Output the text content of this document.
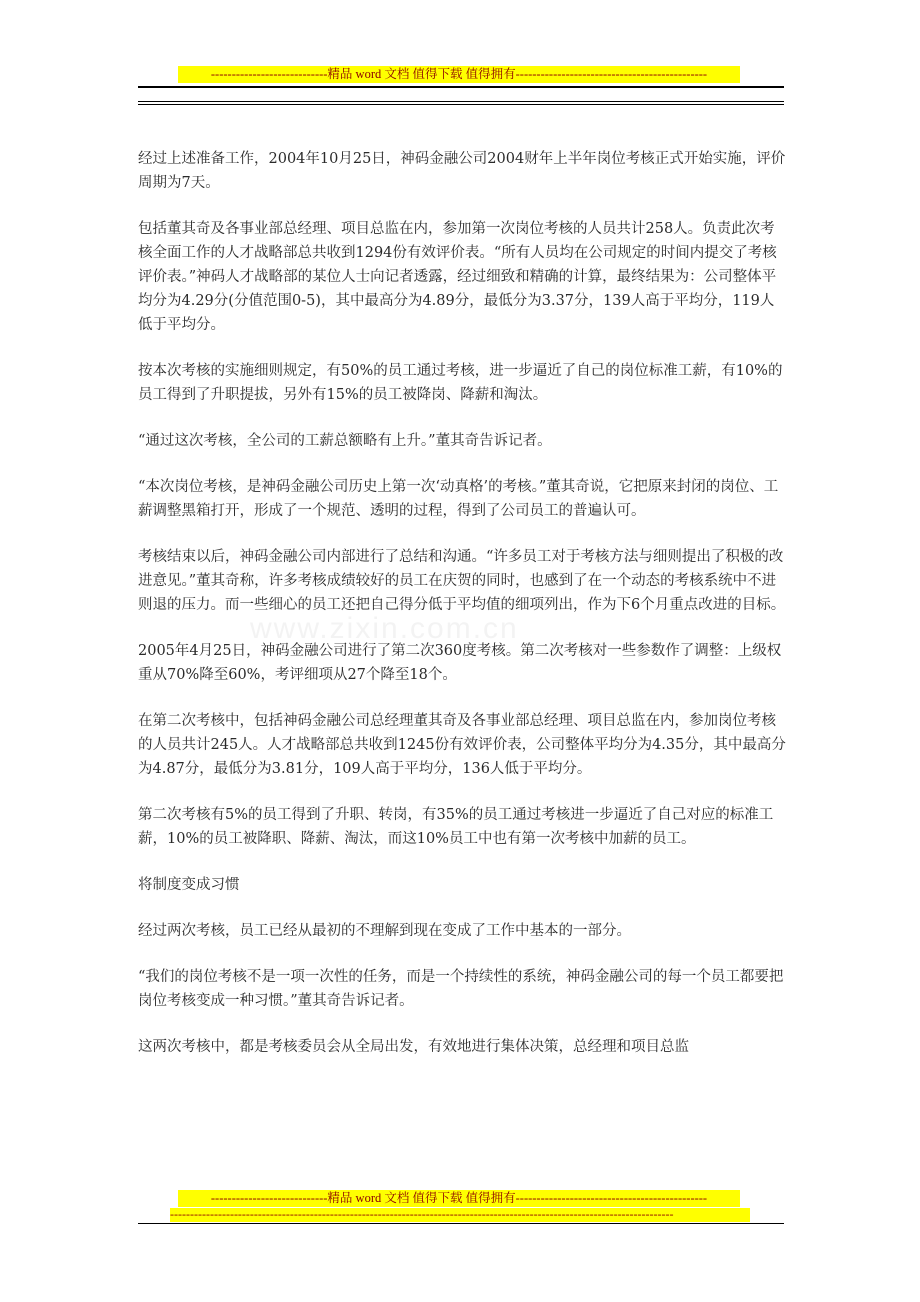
----------------------------精品 word 文档 值得下载 值得拥有----------------------------------------------
www.zixin.com.cn

经过上述准备工作，2004年10月25日，神码金融公司2004财年上半年岗位考核正式开始实施，评价周期为7天。

包括董其奇及各事业部总经理、项目总监在内，参加第一次岗位考核的人员共计258人。负责此次考核全面工作的人才战略部总共收到1294份有效评价表。“所有人员均在公司规定的时间内提交了考核评价表。”神码人才战略部的某位人士向记者透露，经过细致和精确的计算，最终结果为：公司整体平均分为4.29分(分值范围0-5)，其中最高分为4.89分，最低分为3.37分，139人高于平均分，119人低于平均分。

按本次考核的实施细则规定，有50%的员工通过考核，进一步逼近了自己的岗位标准工薪，有10%的员工得到了升职提拔，另外有15%的员工被降岗、降薪和淘汰。

“通过这次考核，全公司的工薪总额略有上升。”董其奇告诉记者。

“本次岗位考核，是神码金融公司历史上第一次‘动真格’的考核。”董其奇说，它把原来封闭的岗位、工薪调整黑箱打开，形成了一个规范、透明的过程，得到了公司员工的普遍认可。

考核结束以后，神码金融公司内部进行了总结和沟通。“许多员工对于考核方法与细则提出了积极的改进意见。”董其奇称，许多考核成绩较好的员工在庆贺的同时，也感到了在一个动态的考核系统中不进则退的压力。而一些细心的员工还把自己得分低于平均值的细项列出，作为下6个月重点改进的目标。

2005年4月25日，神码金融公司进行了第二次360度考核。第二次考核对一些参数作了调整：上级权重从70%降至60%，考评细项从27个降至18个。

在第二次考核中，包括神码金融公司总经理董其奇及各事业部总经理、项目总监在内，参加岗位考核的人员共计245人。人才战略部总共收到1245份有效评价表，公司整体平均分为4.35分，其中最高分为4.87分，最低分为3.81分，109人高于平均分，136人低于平均分。

第二次考核有5%的员工得到了升职、转岗，有35%的员工通过考核进一步逼近了自己对应的标准工薪，10%的员工被降职、降薪、淘汰，而这10%员工中也有第一次考核中加薪的员工。

将制度变成习惯

经过两次考核，员工已经从最初的不理解到现在变成了工作中基本的一部分。

“我们的岗位考核不是一项一次性的任务，而是一个持续性的系统，神码金融公司的每一个员工都要把岗位考核变成一种习惯。”董其奇告诉记者。

这两次考核中，都是考核委员会从全局出发，有效地进行集体决策，总经理和项目总监

----------------------------精品 word 文档 值得下载 值得拥有----------------------------------------------
------------------------------------------------------------------------------------------------------------------------------
